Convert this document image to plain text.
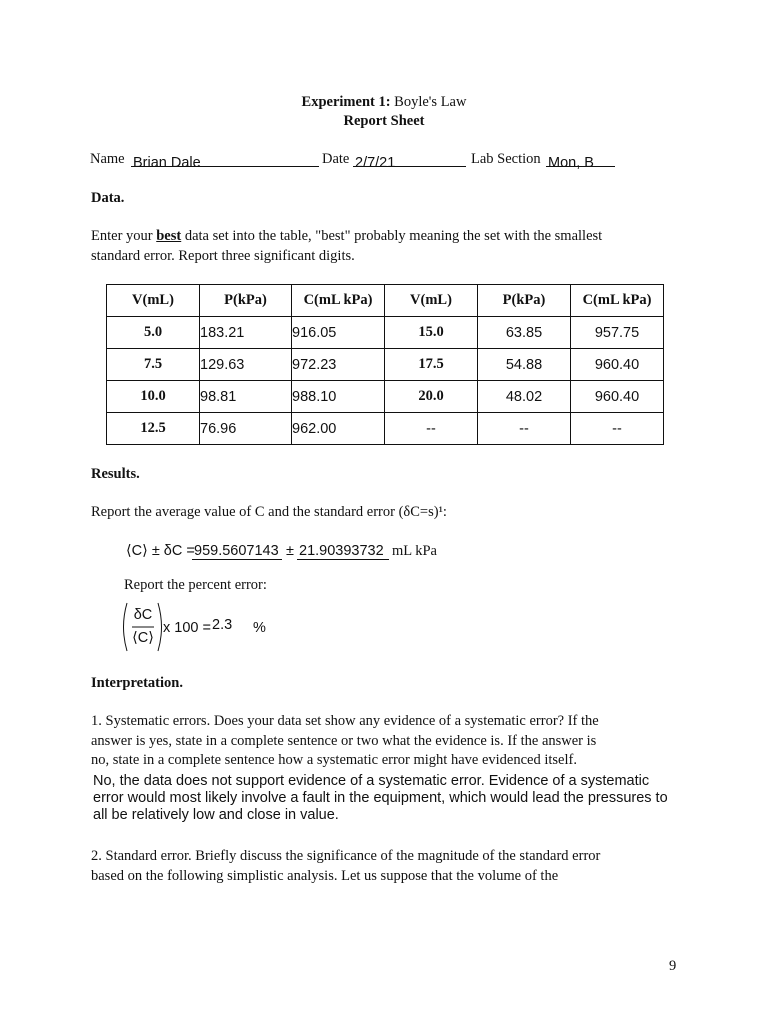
Experiment 1: Boyle's Law
Report Sheet
Name Brian Dale	Date 2/7/21	Lab Section Mon, B
Data.
Enter your best data set into the table, "best" probably meaning the set with the smallest
standard error. Report three significant digits.
V(mL)	P(kPa)	C(mL kPa)	V(mL)	P(kPa)	C(mL kPa)
5.0	183.21	916.05	15.0	63.85	957.75
7.5	129.63	972.23	17.5	54.88	960.40
10.0	98.81	988.10	20.0	48.02	960.40
12.5	76.96	962.00	--	--	--
Results.
Report the average value of C and the standard error (δC=s)¹:
⟨C⟩ ± δC = 959.5607143 ± 21.90393732 mL kPa
Report the percent error:
δC
⟨C⟩
x 100 = 2.3 %
Interpretation.
1. Systematic errors. Does your data set show any evidence of a systematic error? If the
answer is yes, state in a complete sentence or two what the evidence is. If the answer is
no, state in a complete sentence how a systematic error might have evidenced itself.
No, the data does not support evidence of a systematic error. Evidence of a systematic
error would most likely involve a fault in the equipment, which would lead the pressures to
all be relatively low and close in value.
2. Standard error. Briefly discuss the significance of the magnitude of the standard error
based on the following simplistic analysis. Let us suppose that the volume of the
9
